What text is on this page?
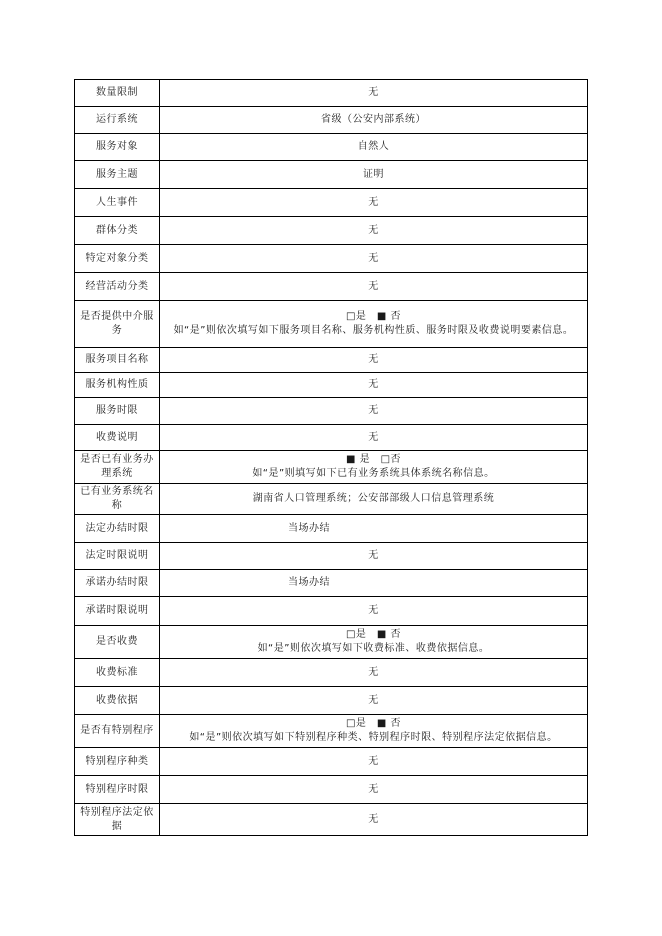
数量限制	无
运行系统	省级（公安内部系统）
服务对象	自然人
服务主题	证明
人生事件	无
群体分类	无
特定对象分类	无
经营活动分类	无
是否提供中介服务	□是　■ 否
如“是”则依次填写如下服务项目名称、服务机构性质、服务时限及收费说明要素信息。

服务项目名称	无
服务机构性质	无
服务时限	无
收费说明	无
是否已有业务办理系统	■ 是　□否
如“是”则填写如下已有业务系统具体系统名称信息。

已有业务系统名称	湖南省人口管理系统；公安部部级人口信息管理系统
法定办结时限	当场办结
法定时限说明	无
承诺办结时限	当场办结
承诺时限说明	无
是否收费	□是　■ 否
如“是”则依次填写如下收费标准、收费依据信息。

收费标准	无
收费依据	无
是否有特别程序	□是　■ 否
如“是”则依次填写如下特别程序种类、特别程序时限、特别程序法定依据信息。

特别程序种类	无
特别程序时限	无
特别程序法定依据	无
